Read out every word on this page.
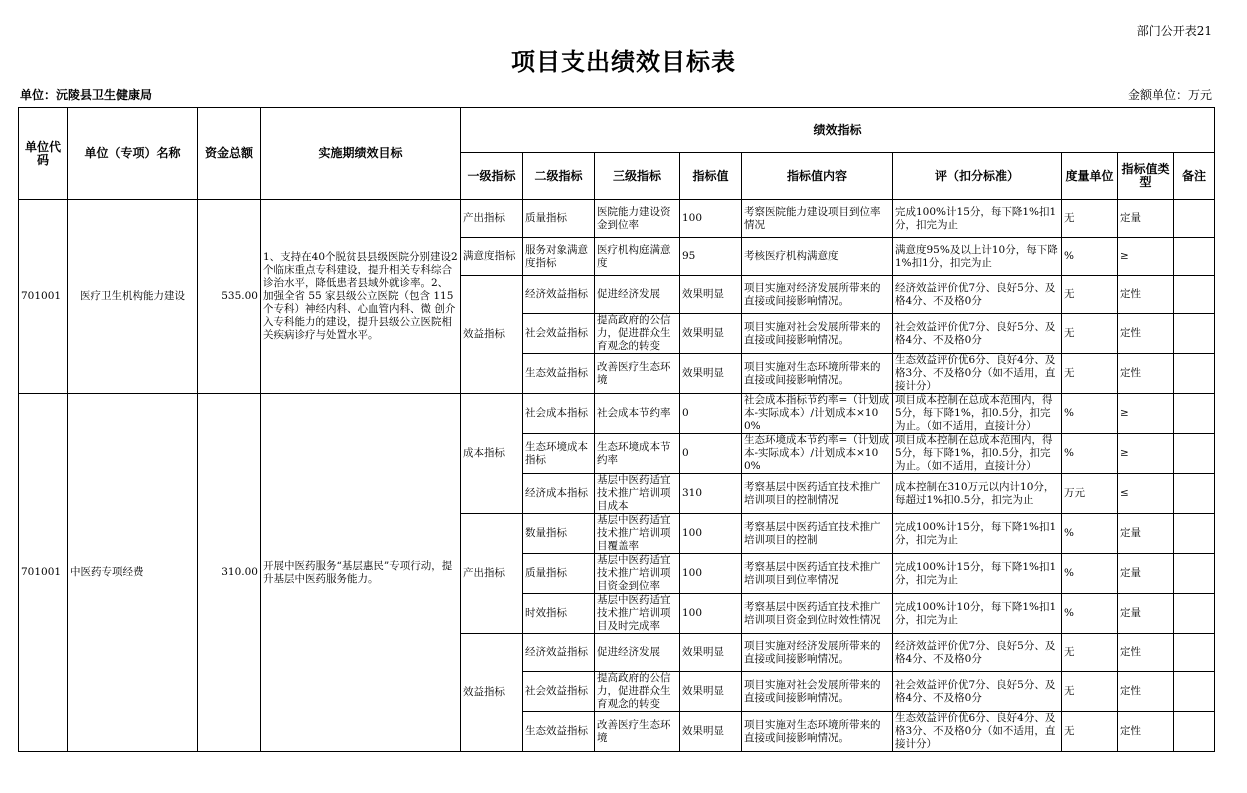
部门公开表21
项目支出绩效目标表
单位：沅陵县卫生健康局	金额单位：万元
单位代码	单位（专项）名称	资金总额	实施期绩效目标	绩效指标								
				一级指标	二级指标	三级指标	指标值	指标值内容	评（扣分标准）	度量单位	指标值类型	备注
701001	医疗卫生机构能力建设	535.00	1、支持在40个脱贫县县级医院分别建设2个临床重点专科建设，提升相关专科综合诊治水平，降低患者县域外就诊率。2、加强全省 55 家县级公立医院（包含 115 个专科）神经内科、心血管内科、微 创介入专科能力的建设，提升县级公立医院相关疾病诊疗与处置水平。	产出指标	质量指标	医院能力建设资金到位率	100	考察医院能力建设项目到位率情况	完成100%计15分，每下降1%扣1分，扣完为止	无	定量	
				满意度指标	服务对象满意度指标	医疗机构庭满意度	95	考核医疗机构满意度	满意度95%及以上计10分，每下降1%扣1分，扣完为止	%	≥	
				效益指标	经济效益指标	促进经济发展	效果明显	项目实施对经济发展所带来的直接或间接影响情况。	经济效益评价优7分、良好5分、及格4分、不及格0分	无	定性	
					社会效益指标	提高政府的公信力，促进群众生育观念的转变	效果明显	项目实施对社会发展所带来的直接或间接影响情况。	社会效益评价优7分、良好5分、及格4分、不及格0分	无	定性	
					生态效益指标	改善医疗生态环境	效果明显	项目实施对生态环境所带来的直接或间接影响情况。	生态效益评价优6分、良好4分、及格3分、不及格0分（如不适用，直接计分）	无	定性	
701001	中医药专项经费	310.00	开展中医药服务“基层惠民”专项行动，提升基层中医药服务能力。	成本指标	社会成本指标	社会成本节约率	0	社会成本指标节约率=（计划成本-实际成本）/计划成本×100%	项目成本控制在总成本范围内，得5分，每下降1%，扣0.5分，扣完为止。（如不适用，直接计分）	%	≥	
					生态环境成本指标	生态环境成本节约率	0	生态环境成本节约率=（计划成本-实际成本）/计划成本×100%	项目成本控制在总成本范围内，得5分，每下降1%，扣0.5分，扣完为止。（如不适用，直接计分）	%	≥	
					经济成本指标	基层中医药适宜技术推广培训项目成本	310	考察基层中医药适宜技术推广培训项目的控制情况	成本控制在310万元以内计10分，每超过1%扣0.5分，扣完为止	万元	≤	
				产出指标	数量指标	基层中医药适宜技术推广培训项目覆盖率	100	考察基层中医药适宜技术推广培训项目的控制	完成100%计15分，每下降1%扣1分，扣完为止	%	定量	
					质量指标	基层中医药适宜技术推广培训项目资金到位率	100	考察基层中医药适宜技术推广培训项目到位率情况	完成100%计15分，每下降1%扣1分，扣完为止	%	定量	
					时效指标	基层中医药适宜技术推广培训项目及时完成率	100	考察基层中医药适宜技术推广培训项目资金到位时效性情况	完成100%计10分，每下降1%扣1分，扣完为止	%	定量	
				效益指标	经济效益指标	促进经济发展	效果明显	项目实施对经济发展所带来的直接或间接影响情况。	经济效益评价优7分、良好5分、及格4分、不及格0分	无	定性	
					社会效益指标	提高政府的公信力，促进群众生育观念的转变	效果明显	项目实施对社会发展所带来的直接或间接影响情况。	社会效益评价优7分、良好5分、及格4分、不及格0分	无	定性	
					生态效益指标	改善医疗生态环境	效果明显	项目实施对生态环境所带来的直接或间接影响情况。	生态效益评价优6分、良好4分、及格3分、不及格0分（如不适用，直接计分）	无	定性	
